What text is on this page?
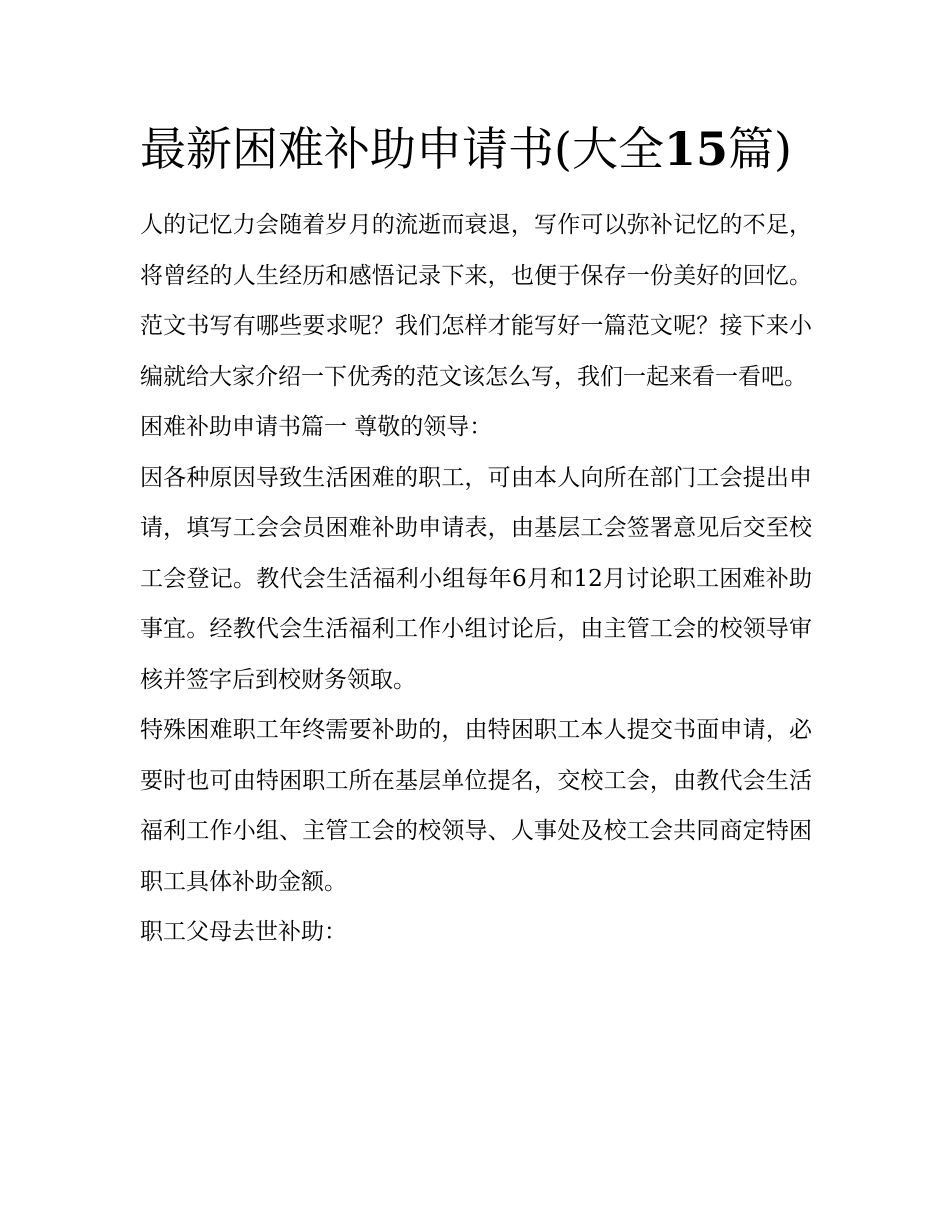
最新困难补助申请书(大全15篇)

人的记忆力会随着岁月的流逝而衰退，写作可以弥补记忆的不足，将曾经的人生经历和感悟记录下来，也便于保存一份美好的回忆。范文书写有哪些要求呢？我们怎样才能写好一篇范文呢？接下来小编就给大家介绍一下优秀的范文该怎么写，我们一起来看一看吧。

困难补助申请书篇一 尊敬的领导：

因各种原因导致生活困难的职工，可由本人向所在部门工会提出申请，填写工会会员困难补助申请表，由基层工会签署意见后交至校工会登记。教代会生活福利小组每年6月和12月讨论职工困难补助事宜。经教代会生活福利工作小组讨论后，由主管工会的校领导审核并签字后到校财务领取。

特殊困难职工年终需要补助的，由特困职工本人提交书面申请，必要时也可由特困职工所在基层单位提名，交校工会，由教代会生活福利工作小组、主管工会的校领导、人事处及校工会共同商定特困职工具体补助金额。

职工父母去世补助：
